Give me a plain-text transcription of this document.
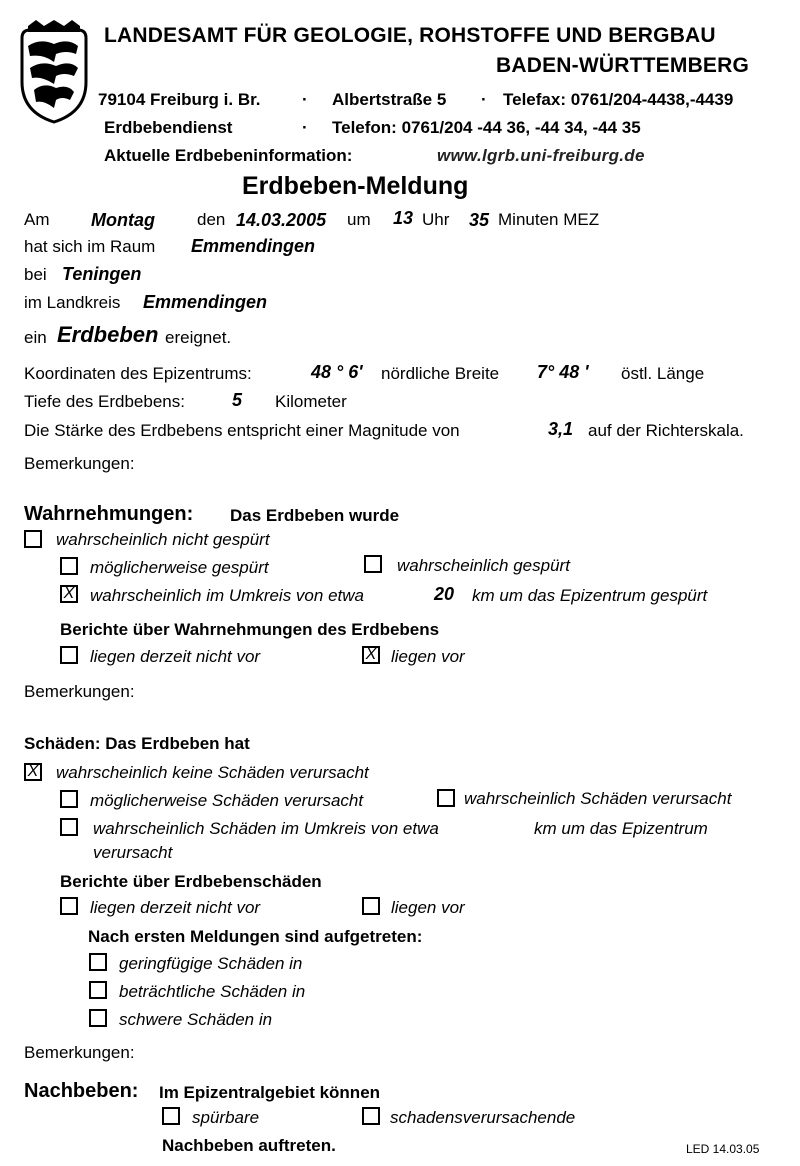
LANDESAMT FÜR GEOLOGIE, ROHSTOFFE UND BERGBAU
BADEN-WÜRTTEMBERG
79104 Freiburg i. Br. · Albertstraße 5 · Telefax: 0761/204-4438,-4439
Erdbebendienst	· Telefon: 0761/204 -44 36, -44 34, -44 35
Aktuelle Erdbebeninformation:	www.lgrb.uni-freiburg.de
Erdbeben-Meldung
Am Montag den 14.03.2005 um 13 Uhr 35 Minuten MEZ
hat sich im Raum Emmendingen
bei Teningen
im Landkreis Emmendingen
ein Erdbeben ereignet.
Koordinaten des Epizentrums:	48 ° 6' nördliche Breite 7° 48 ' östl. Länge
Tiefe des Erdbebens:	5 Kilometer
Die Stärke des Erdbebens entspricht einer Magnitude von	3,1 auf der Richterskala.
Bemerkungen:
Wahrnehmungen: Das Erdbeben wurde
wahrscheinlich nicht gespürt
möglicherweise gespürt	wahrscheinlich gespürt
X wahrscheinlich im Umkreis von etwa	20 km um das Epizentrum gespürt
Berichte über Wahrnehmungen des Erdbebens
liegen derzeit nicht vor	X liegen vor
Bemerkungen:
Schäden: Das Erdbeben hat
X wahrscheinlich keine Schäden verursacht
möglicherweise Schäden verursacht	wahrscheinlich Schäden verursacht
wahrscheinlich Schäden im Umkreis von etwa	km um das Epizentrum
verursacht
Berichte über Erdbebenschäden
liegen derzeit nicht vor	liegen vor
Nach ersten Meldungen sind aufgetreten:
geringfügige Schäden in
beträchtliche Schäden in
schwere Schäden in
Bemerkungen:
Nachbeben: Im Epizentralgebiet können
spürbare	schadensverursachende
Nachbeben auftreten.	LED 14.03.05
